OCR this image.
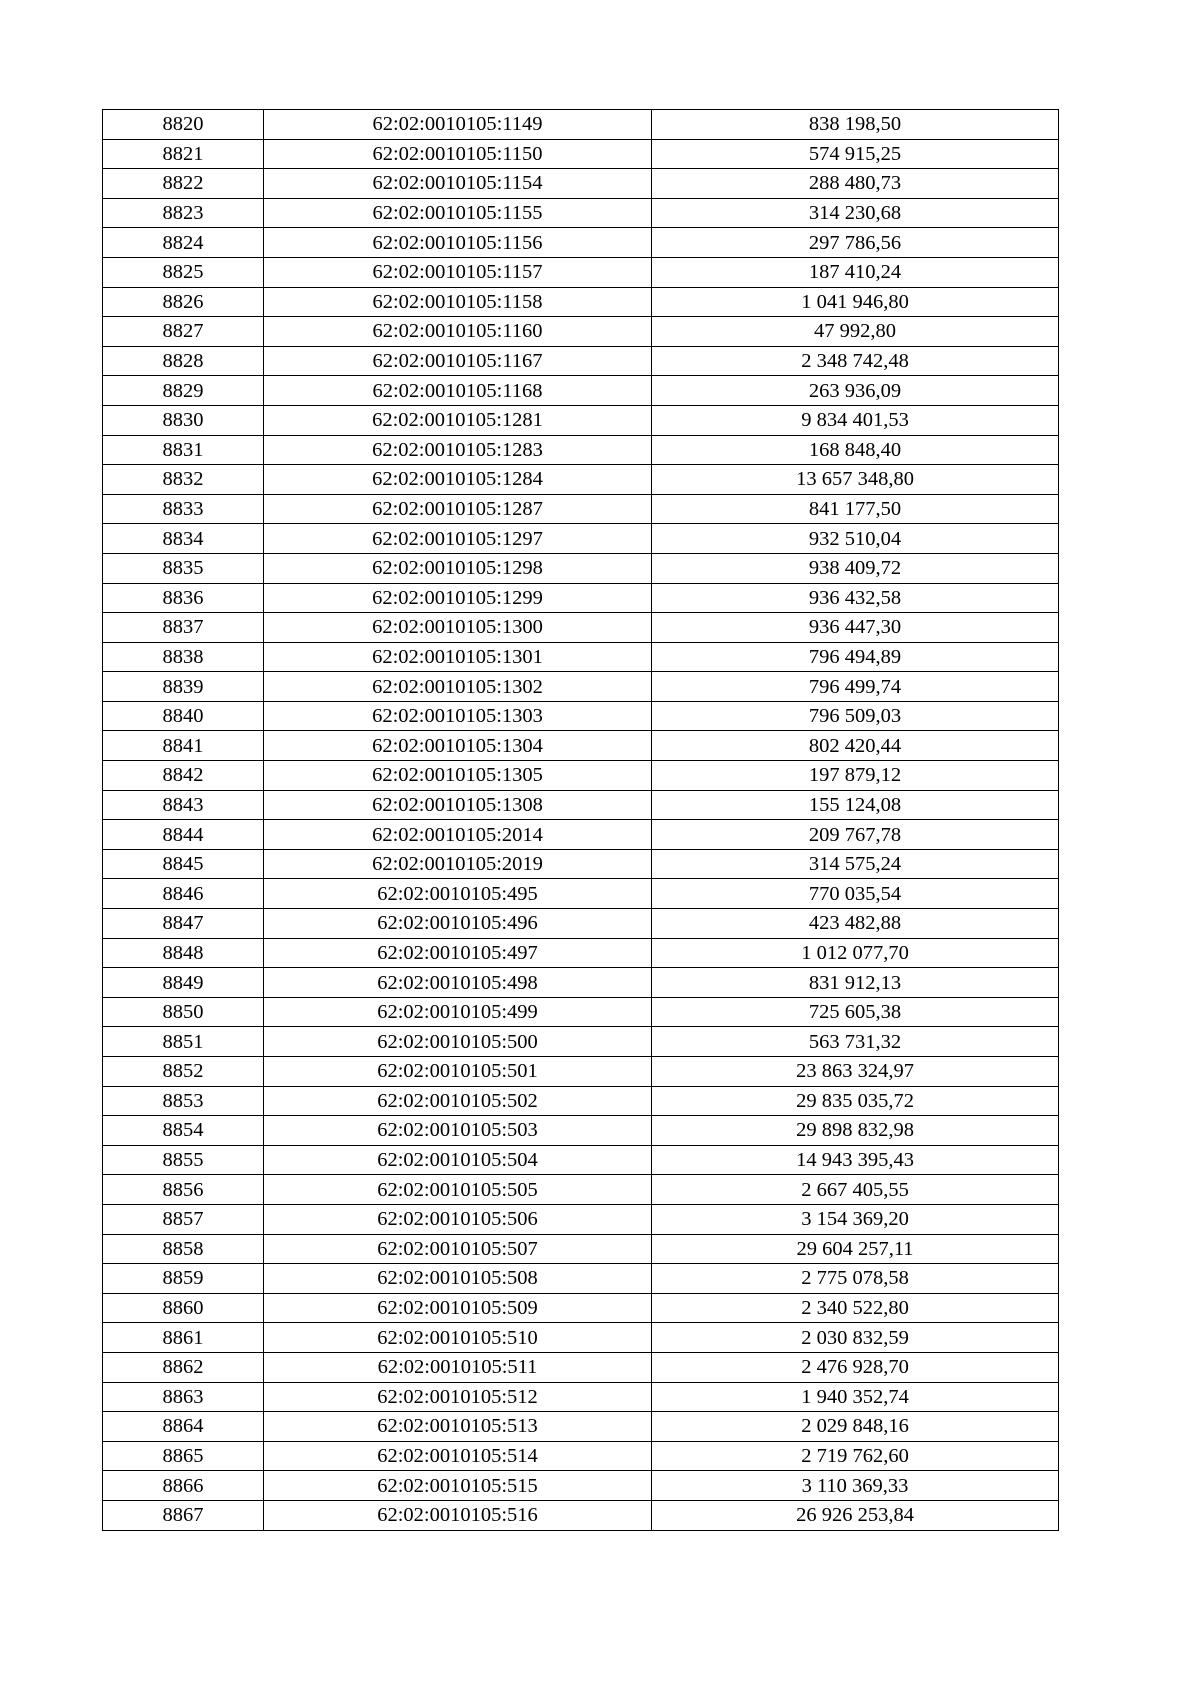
8820	62:02:0010105:1149	838 198,50
8821	62:02:0010105:1150	574 915,25
8822	62:02:0010105:1154	288 480,73
8823	62:02:0010105:1155	314 230,68
8824	62:02:0010105:1156	297 786,56
8825	62:02:0010105:1157	187 410,24
8826	62:02:0010105:1158	1 041 946,80
8827	62:02:0010105:1160	47 992,80
8828	62:02:0010105:1167	2 348 742,48
8829	62:02:0010105:1168	263 936,09
8830	62:02:0010105:1281	9 834 401,53
8831	62:02:0010105:1283	168 848,40
8832	62:02:0010105:1284	13 657 348,80
8833	62:02:0010105:1287	841 177,50
8834	62:02:0010105:1297	932 510,04
8835	62:02:0010105:1298	938 409,72
8836	62:02:0010105:1299	936 432,58
8837	62:02:0010105:1300	936 447,30
8838	62:02:0010105:1301	796 494,89
8839	62:02:0010105:1302	796 499,74
8840	62:02:0010105:1303	796 509,03
8841	62:02:0010105:1304	802 420,44
8842	62:02:0010105:1305	197 879,12
8843	62:02:0010105:1308	155 124,08
8844	62:02:0010105:2014	209 767,78
8845	62:02:0010105:2019	314 575,24
8846	62:02:0010105:495	770 035,54
8847	62:02:0010105:496	423 482,88
8848	62:02:0010105:497	1 012 077,70
8849	62:02:0010105:498	831 912,13
8850	62:02:0010105:499	725 605,38
8851	62:02:0010105:500	563 731,32
8852	62:02:0010105:501	23 863 324,97
8853	62:02:0010105:502	29 835 035,72
8854	62:02:0010105:503	29 898 832,98
8855	62:02:0010105:504	14 943 395,43
8856	62:02:0010105:505	2 667 405,55
8857	62:02:0010105:506	3 154 369,20
8858	62:02:0010105:507	29 604 257,11
8859	62:02:0010105:508	2 775 078,58
8860	62:02:0010105:509	2 340 522,80
8861	62:02:0010105:510	2 030 832,59
8862	62:02:0010105:511	2 476 928,70
8863	62:02:0010105:512	1 940 352,74
8864	62:02:0010105:513	2 029 848,16
8865	62:02:0010105:514	2 719 762,60
8866	62:02:0010105:515	3 110 369,33
8867	62:02:0010105:516	26 926 253,84
